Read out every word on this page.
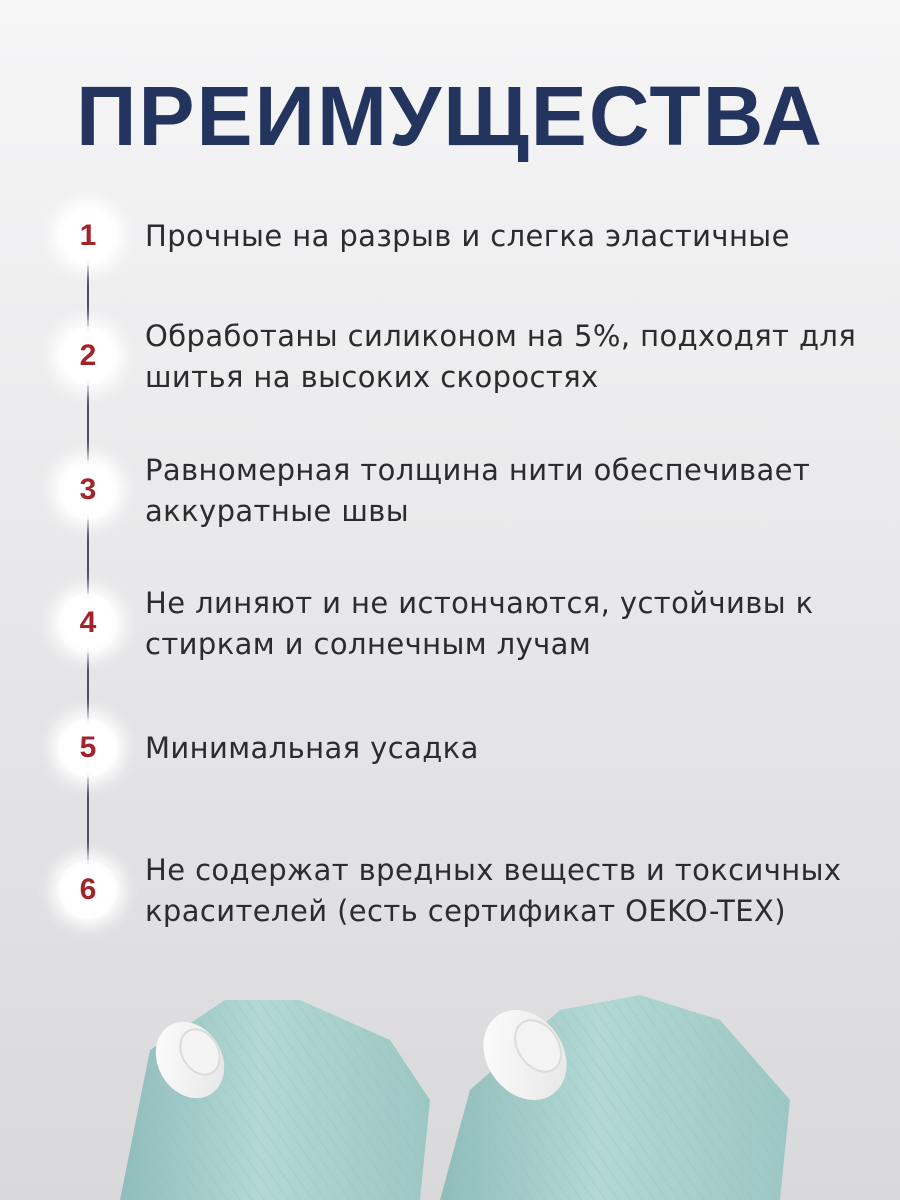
ПРЕИМУЩЕСТВА
1	Прочные на разрыв и слегка эластичные
2
Обработаны силиконом на 5%, подходят для шитья на высоких скоростях
3
Равномерная толщина нити обеспечивает аккуратные швы
4
Не линяют и не истончаются, устойчивы к стиркам и солнечным лучам
5	Минимальная усадка
6
Не содержат вредных веществ и токсичных красителей (есть сертификат OEKO-TEX)
